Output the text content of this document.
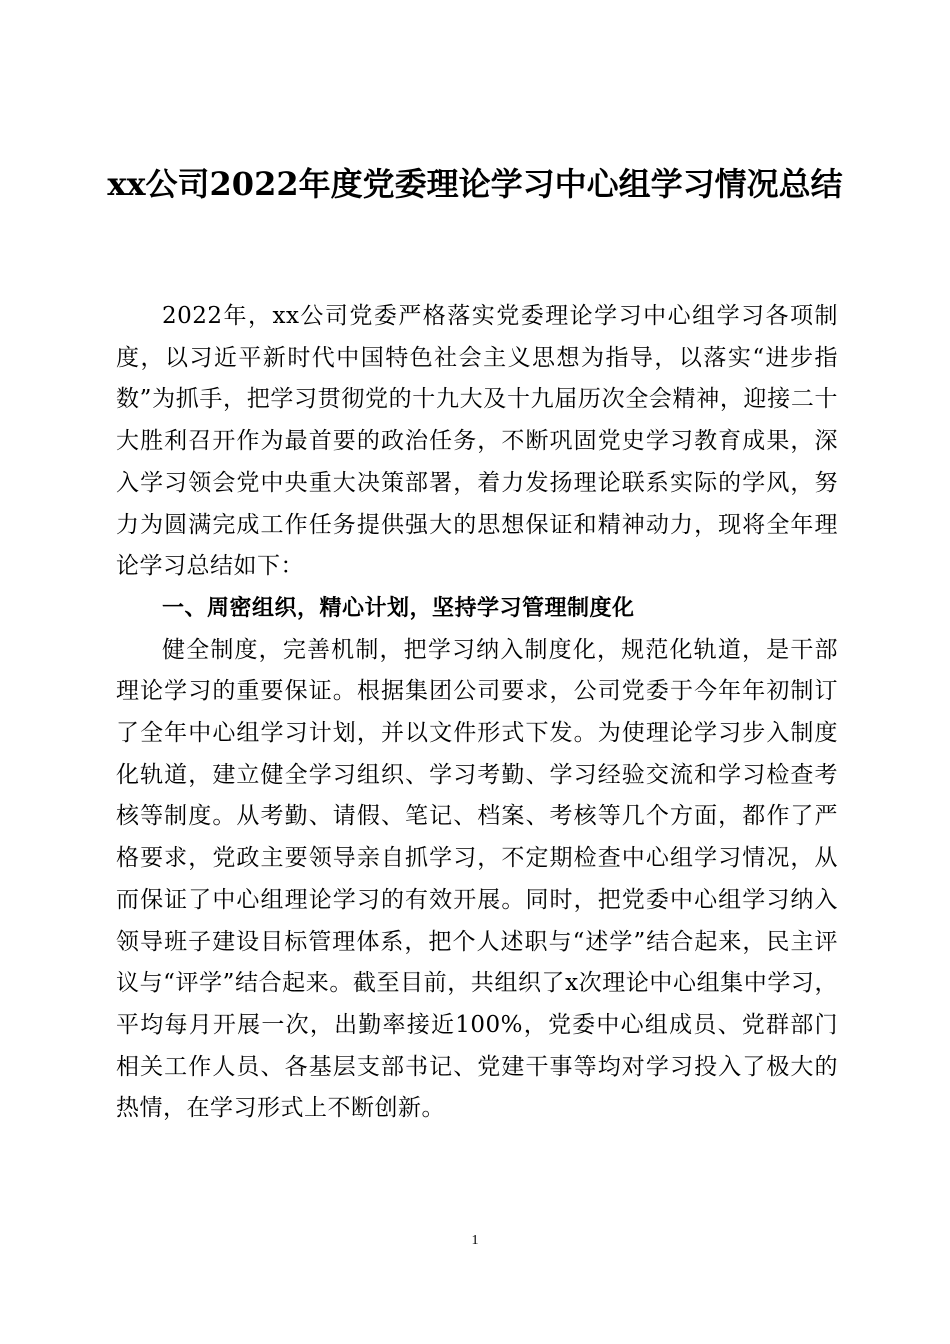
xx公司2022年度党委理论学习中心组学习情况总结

2022年，xx公司党委严格落实党委理论学习中心组学习各项制度，以习近平新时代中国特色社会主义思想为指导，以落实“进步指数”为抓手，把学习贯彻党的十九大及十九届历次全会精神，迎接二十大胜利召开作为最首要的政治任务，不断巩固党史学习教育成果，深入学习领会党中央重大决策部署，着力发扬理论联系实际的学风，努力为圆满完成工作任务提供强大的思想保证和精神动力，现将全年理论学习总结如下：

一、周密组织，精心计划，坚持学习管理制度化

健全制度，完善机制，把学习纳入制度化，规范化轨道，是干部理论学习的重要保证。根据集团公司要求，公司党委于今年年初制订了全年中心组学习计划，并以文件形式下发。为使理论学习步入制度化轨道，建立健全学习组织、学习考勤、学习经验交流和学习检查考核等制度。从考勤、请假、笔记、档案、考核等几个方面，都作了严格要求，党政主要领导亲自抓学习，不定期检查中心组学习情况，从而保证了中心组理论学习的有效开展。同时，把党委中心组学习纳入领导班子建设目标管理体系，把个人述职与“述学”结合起来，民主评议与“评学”结合起来。截至目前，共组织了x次理论中心组集中学习，平均每月开展一次，出勤率接近100%，党委中心组成员、党群部门相关工作人员、各基层支部书记、党建干事等均对学习投入了极大的热情，在学习形式上不断创新。

1
